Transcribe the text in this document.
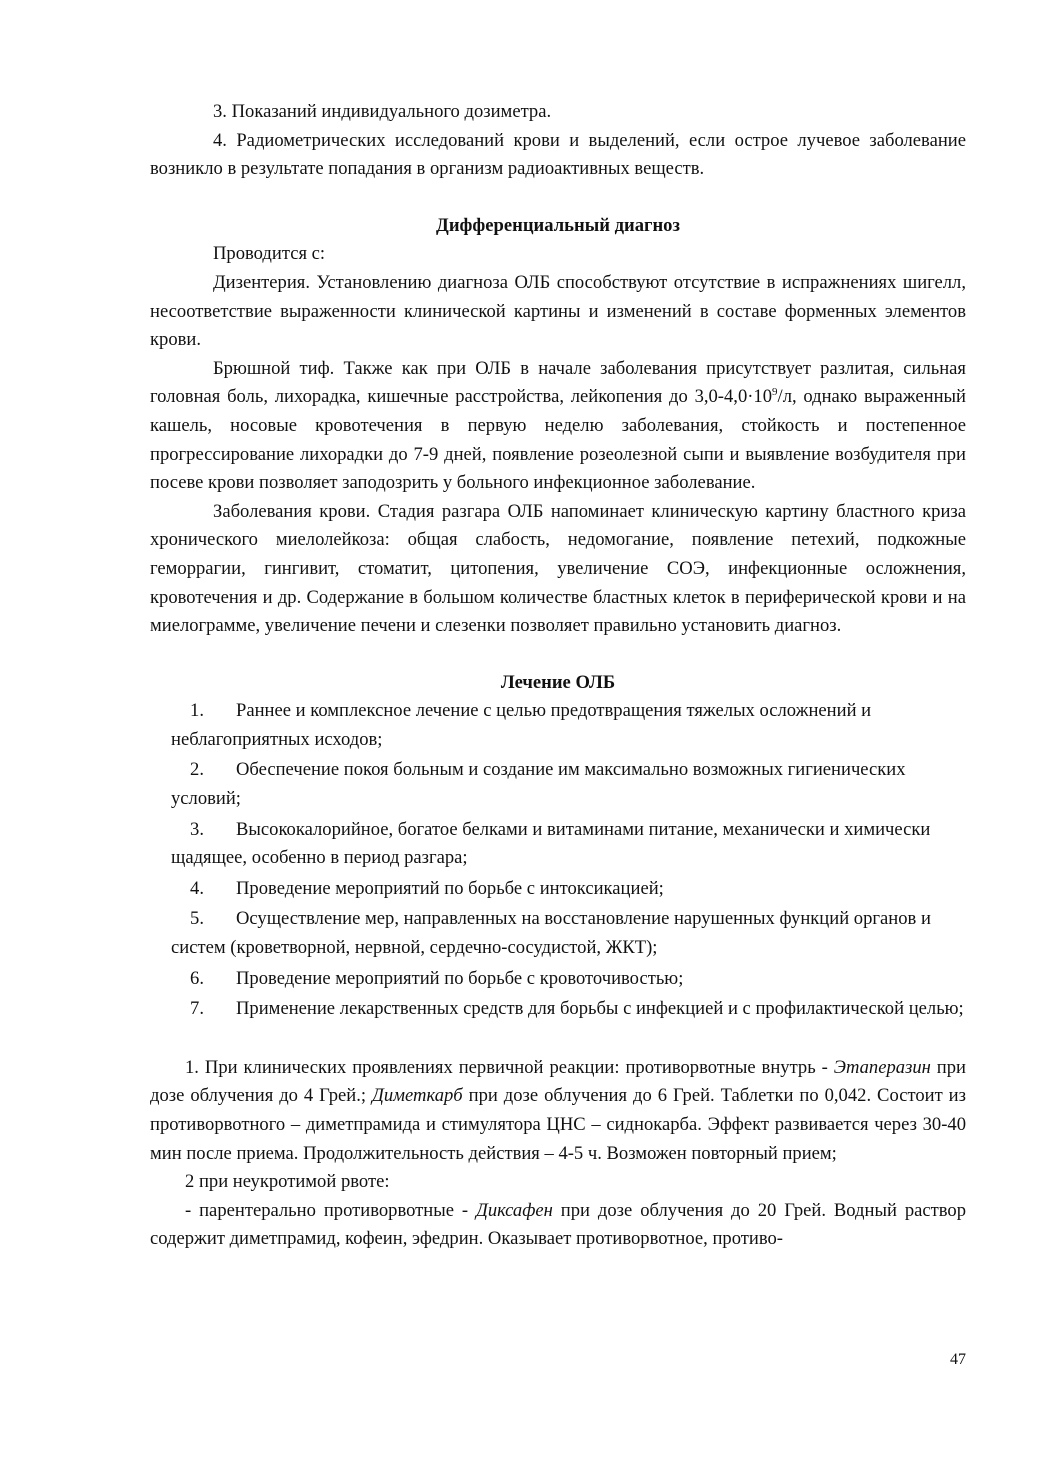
3. Показаний индивидуального дозиметра.

4. Радиометрических исследований крови и выделений, если острое лучевое заболевание возникло в результате попадания в организм радиоактивных веществ.

Дифференциальный диагноз

Проводится с:

Дизентерия. Установлению диагноза ОЛБ способствуют отсутствие в испражнениях шигелл, несоответствие выраженности клинической картины и изменений в составе форменных элементов крови.

Брюшной тиф. Также как при ОЛБ в начале заболевания присутствует разлитая, сильная головная боль, лихорадка, кишечные расстройства, лейкопения до $3,0-4,0\cdot 10^9/л$, однако выраженный кашель, носовые кровотечения в первую неделю заболевания, стойкость и постепенное прогрессирование лихорадки до 7-9 дней, появление розеолезной сыпи и выявление возбудителя при посеве крови позволяет заподозрить у больного инфекционное заболевание.

Заболевания крови. Стадия разгара ОЛБ напоминает клиническую картину бластного криза хронического миелолейкоза: общая слабость, недомогание, появление петехий, подкожные геморрагии, гингивит, стоматит, цитопения, увеличение СОЭ, инфекционные осложнения, кровотечения и др. Содержание в большом количестве бластных клеток в периферической крови и на миелограмме, увеличение печени и слезенки позволяет правильно установить диагноз.

Лечение ОЛБ
1. Раннее и комплексное лечение с целью предотвращения тяжелых осложнений и неблагоприятных исходов;
2. Обеспечение покоя больным и создание им максимально возможных гигиенических условий;
3. Высококалорийное, богатое белками и витаминами питание, механически и химически щадящее, особенно в период разгара;
4. Проведение мероприятий по борьбе с интоксикацией;
5. Осуществление мер, направленных на восстановление нарушенных функций органов и систем (кроветворной, нервной, сердечно-сосудистой, ЖКТ);
6. Проведение мероприятий по борьбе с кровоточивостью;
7. Применение лекарственных средств для борьбы с инфекцией и с профилактической целью;

1. При клинических проявлениях первичной реакции: противорвотные внутрь - Этаперазин при дозе облучения до 4 Грей.; Диметкарб при дозе облучения до 6 Грей. Таблетки по 0,042. Состоит из противорвотного – диметпрамида и стимулятора ЦНС – сиднокарба. Эффект развивается через 30-40 мин после приема. Продолжительность действия – 4-5 ч. Возможен повторный прием;

2 при неукротимой рвоте:

- парентерально противорвотные - Диксафен при дозе облучения до 20 Грей. Водный раствор содержит диметпрамид, кофеин, эфедрин. Оказывает противорвотное, противо-

47
